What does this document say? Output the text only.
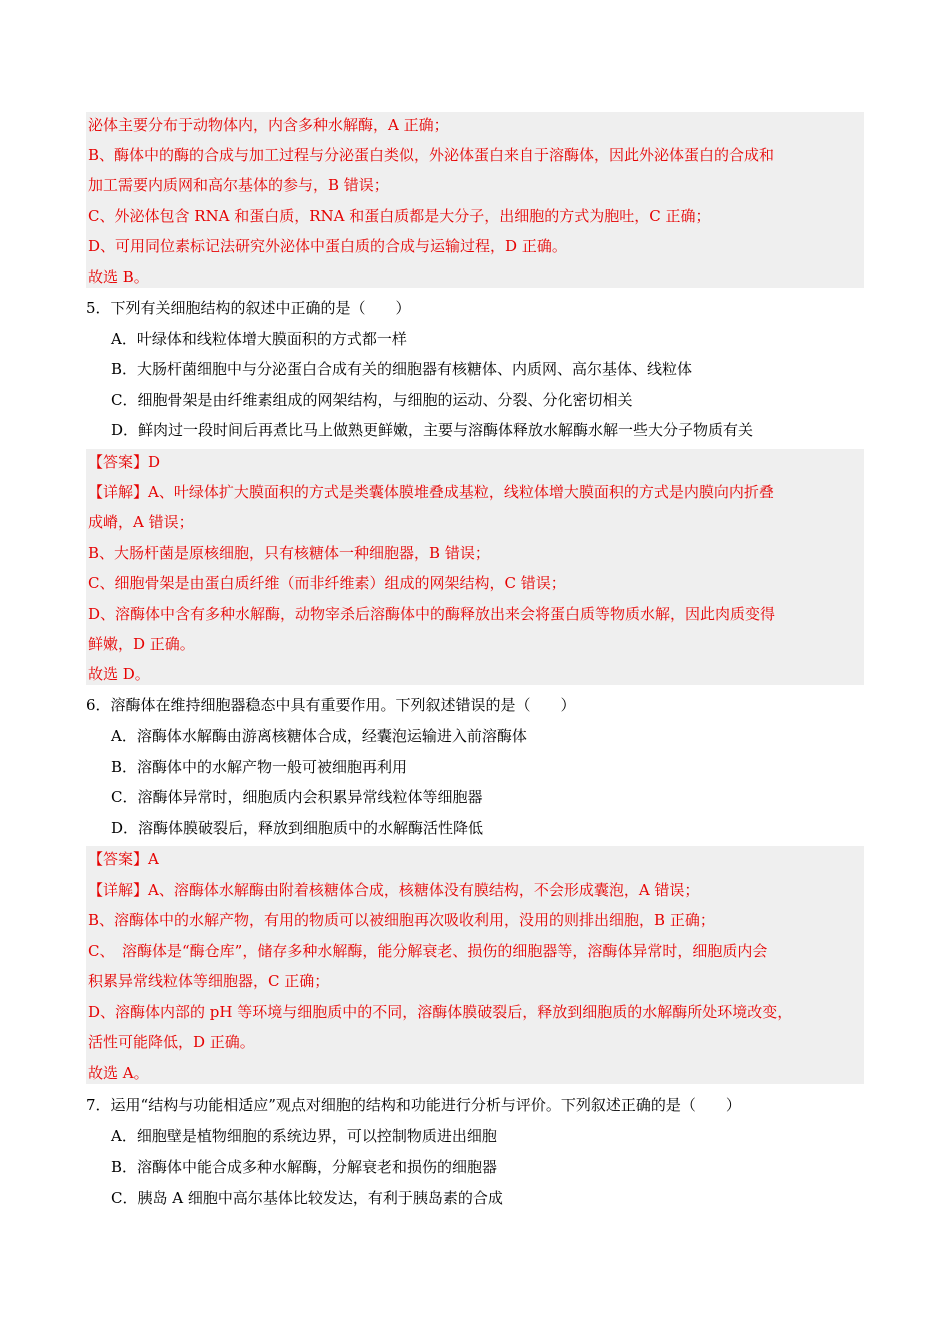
泌体主要分布于动物体内，内含多种水解酶，A 正确；
B、酶体中的酶的合成与加工过程与分泌蛋白类似，外泌体蛋白来自于溶酶体，因此外泌体蛋白的合成和
加工需要内质网和高尔基体的参与，B 错误；
C、外泌体包含 RNA 和蛋白质，RNA 和蛋白质都是大分子，出细胞的方式为胞吐，C 正确；
D、可用同位素标记法研究外泌体中蛋白质的合成与运输过程，D 正确。
故选 B。
5．下列有关细胞结构的叙述中正确的是（　　）
A．叶绿体和线粒体增大膜面积的方式都一样
B．大肠杆菌细胞中与分泌蛋白合成有关的细胞器有核糖体、内质网、高尔基体、线粒体
C．细胞骨架是由纤维素组成的网架结构，与细胞的运动、分裂、分化密切相关
D．鲜肉过一段时间后再煮比马上做熟更鲜嫩，主要与溶酶体释放水解酶水解一些大分子物质有关
【答案】D
【详解】A、叶绿体扩大膜面积的方式是类囊体膜堆叠成基粒，线粒体增大膜面积的方式是内膜向内折叠
成嵴，A 错误；
B、大肠杆菌是原核细胞，只有核糖体一种细胞器，B 错误；
C、细胞骨架是由蛋白质纤维（而非纤维素）组成的网架结构，C 错误；
D、溶酶体中含有多种水解酶，动物宰杀后溶酶体中的酶释放出来会将蛋白质等物质水解，因此肉质变得
鲜嫩，D 正确。
故选 D。
6．溶酶体在维持细胞器稳态中具有重要作用。下列叙述错误的是（　　）
A．溶酶体水解酶由游离核糖体合成，经囊泡运输进入前溶酶体
B．溶酶体中的水解产物一般可被细胞再利用
C．溶酶体异常时，细胞质内会积累异常线粒体等细胞器
D．溶酶体膜破裂后，释放到细胞质中的水解酶活性降低
【答案】A
【详解】A、溶酶体水解酶由附着核糖体合成，核糖体没有膜结构，不会形成囊泡，A 错误；
B、溶酶体中的水解产物，有用的物质可以被细胞再次吸收利用，没用的则排出细胞，B 正确；
C、　溶酶体是“酶仓库”，储存多种水解酶，能分解衰老、损伤的细胞器等，溶酶体异常时，细胞质内会
积累异常线粒体等细胞器，C 正确；
D、溶酶体内部的 pH 等环境与细胞质中的不同，溶酶体膜破裂后，释放到细胞质的水解酶所处环境改变，
活性可能降低，D 正确。
故选 A。
7．运用“结构与功能相适应”观点对细胞的结构和功能进行分析与评价。下列叙述正确的是（　　）
A．细胞壁是植物细胞的系统边界，可以控制物质进出细胞
B．溶酶体中能合成多种水解酶，分解衰老和损伤的细胞器
C．胰岛 A 细胞中高尔基体比较发达，有利于胰岛素的合成
